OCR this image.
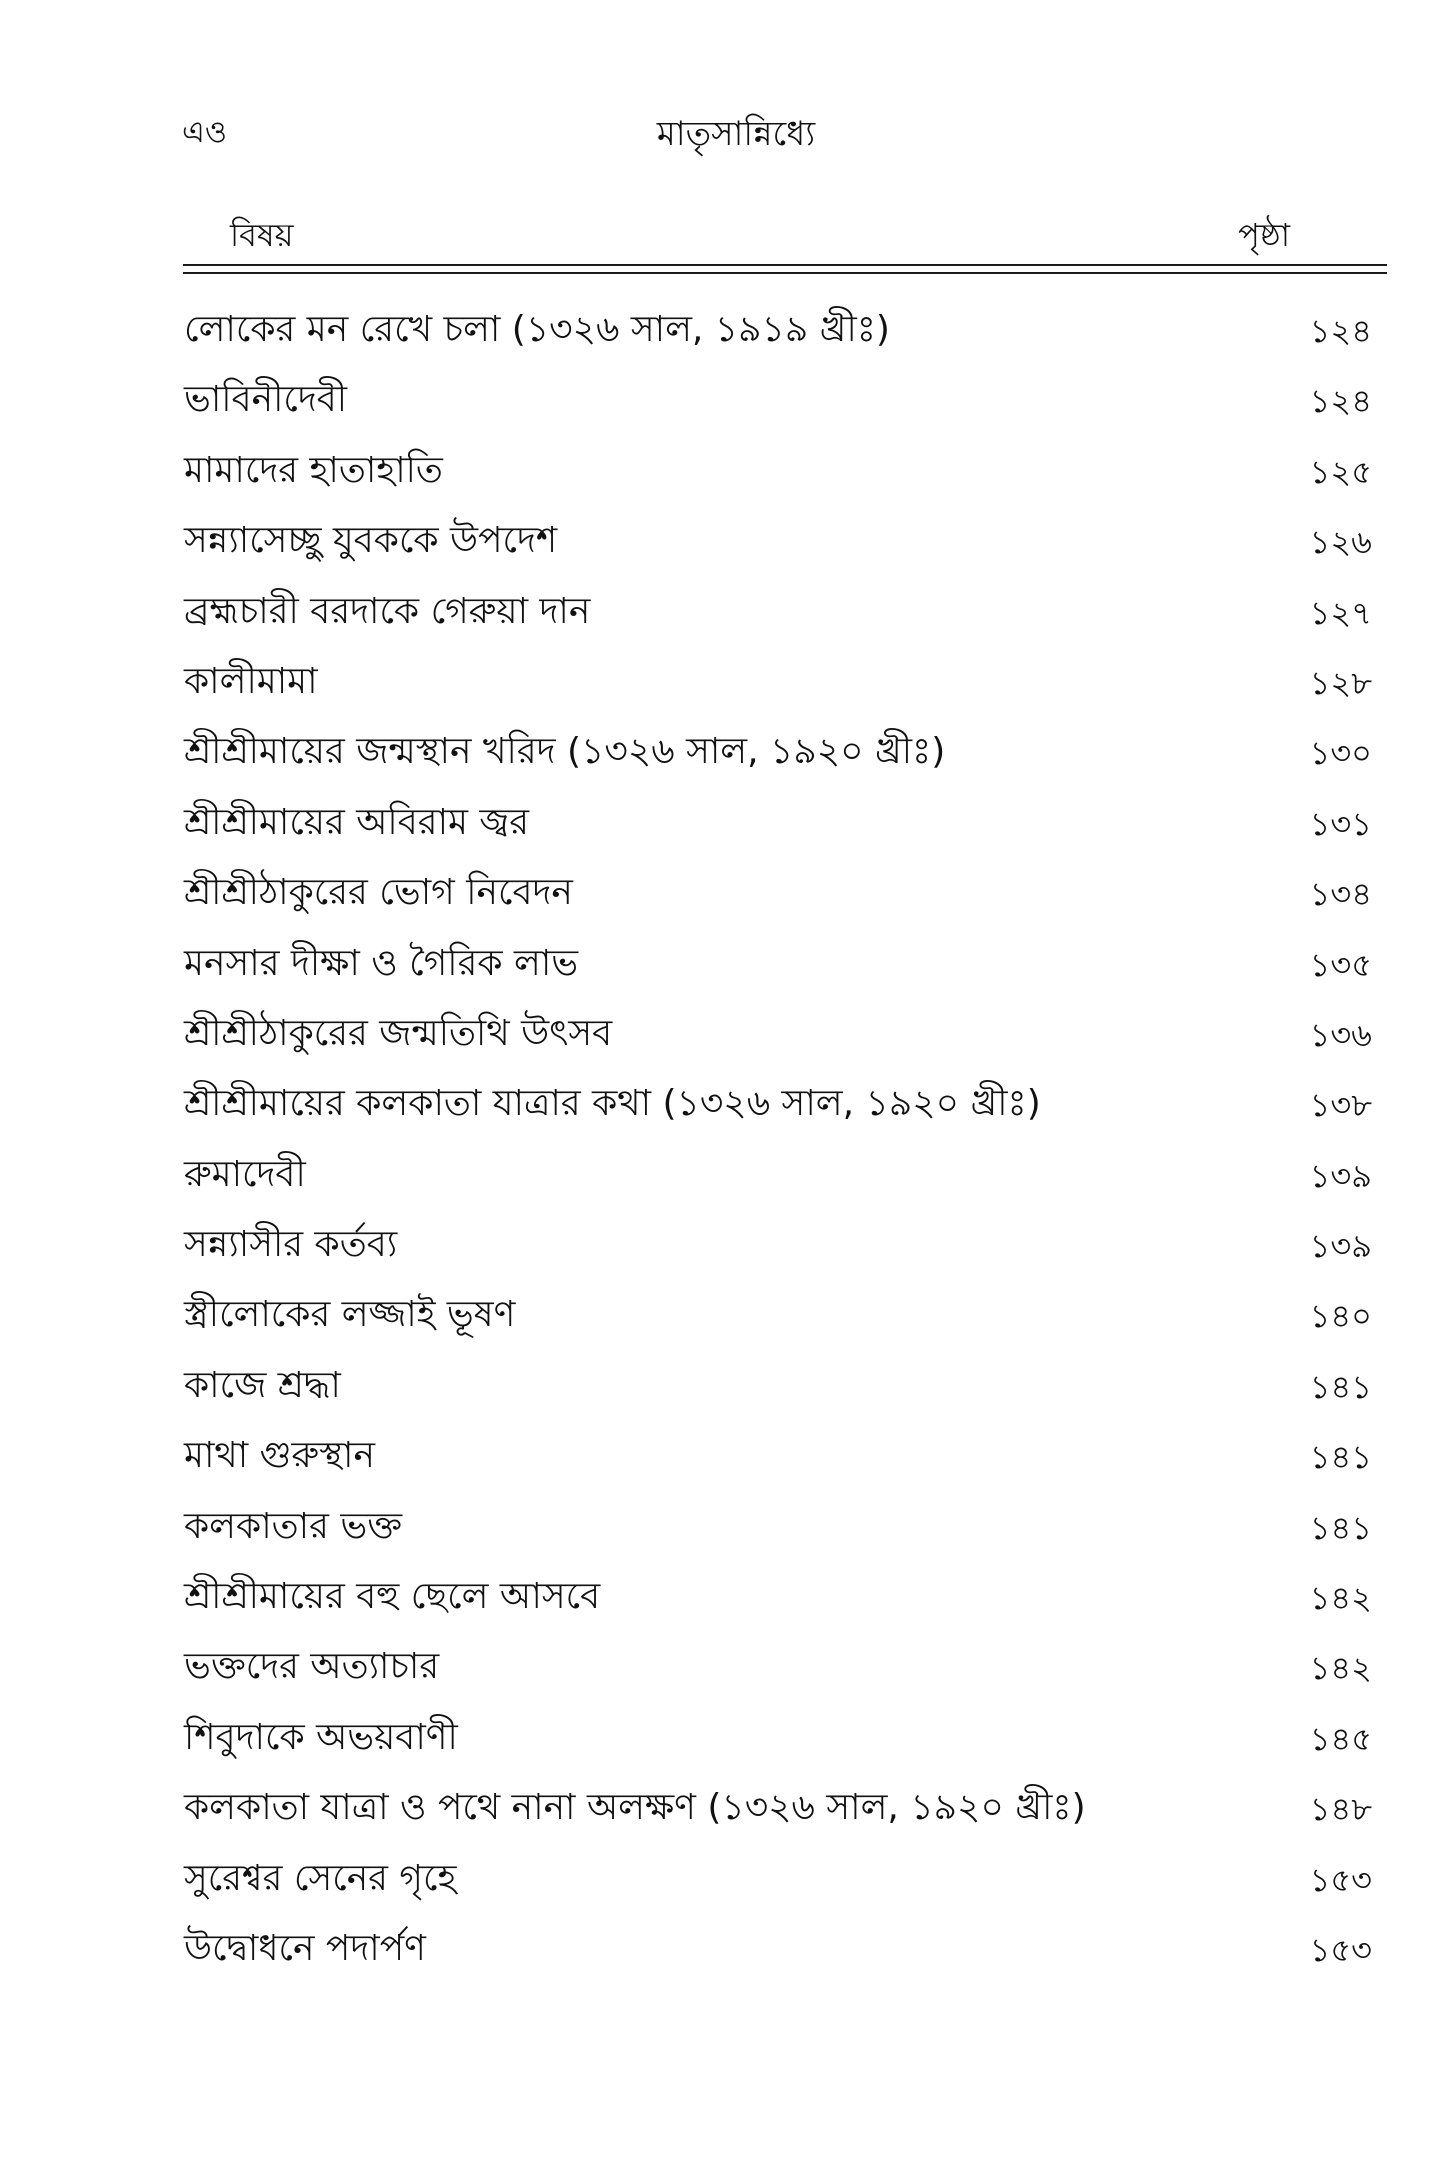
এও	মাতৃসান্নিধ্যে
বিষয়	পৃষ্ঠা
লোকের মন রেখে চলা (১৩২৬ সাল, ১৯১৯ খ্রীঃ)	১২৪
ভাবিনীদেবী	১২৪
মামাদের হাতাহাতি	১২৫
সন্ন্যাসেচ্ছু যুবককে উপদেশ	১২৬
ব্রহ্মচারী বরদাকে গেরুয়া দান	১২৭
কালীমামা	১২৮
শ্রীশ্রীমায়ের জন্মস্থান খরিদ (১৩২৬ সাল, ১৯২০ খ্রীঃ)	১৩০
শ্রীশ্রীমায়ের অবিরাম জ্বর	১৩১
শ্রীশ্রীঠাকুরের ভোগ নিবেদন	১৩৪
মনসার দীক্ষা ও গৈরিক লাভ	১৩৫
শ্রীশ্রীঠাকুরের জন্মতিথি উৎসব	১৩৬
শ্রীশ্রীমায়ের কলকাতা যাত্রার কথা (১৩২৬ সাল, ১৯২০ খ্রীঃ)	১৩৮
রুমাদেবী	১৩৯
সন্ন্যাসীর কর্তব্য	১৩৯
স্ত্রীলোকের লজ্জাই ভূষণ	১৪০
কাজে শ্রদ্ধা	১৪১
মাথা গুরুস্থান	১৪১
কলকাতার ভক্ত	১৪১
শ্রীশ্রীমায়ের বহু ছেলে আসবে	১৪২
ভক্তদের অত্যাচার	১৪২
শিবুদাকে অভয়বাণী	১৪৫
কলকাতা যাত্রা ও পথে নানা অলক্ষণ (১৩২৬ সাল, ১৯২০ খ্রীঃ)	১৪৮
সুরেশ্বর সেনের গৃহে	১৫৩
উদ্বোধনে পদার্পণ	১৫৩
